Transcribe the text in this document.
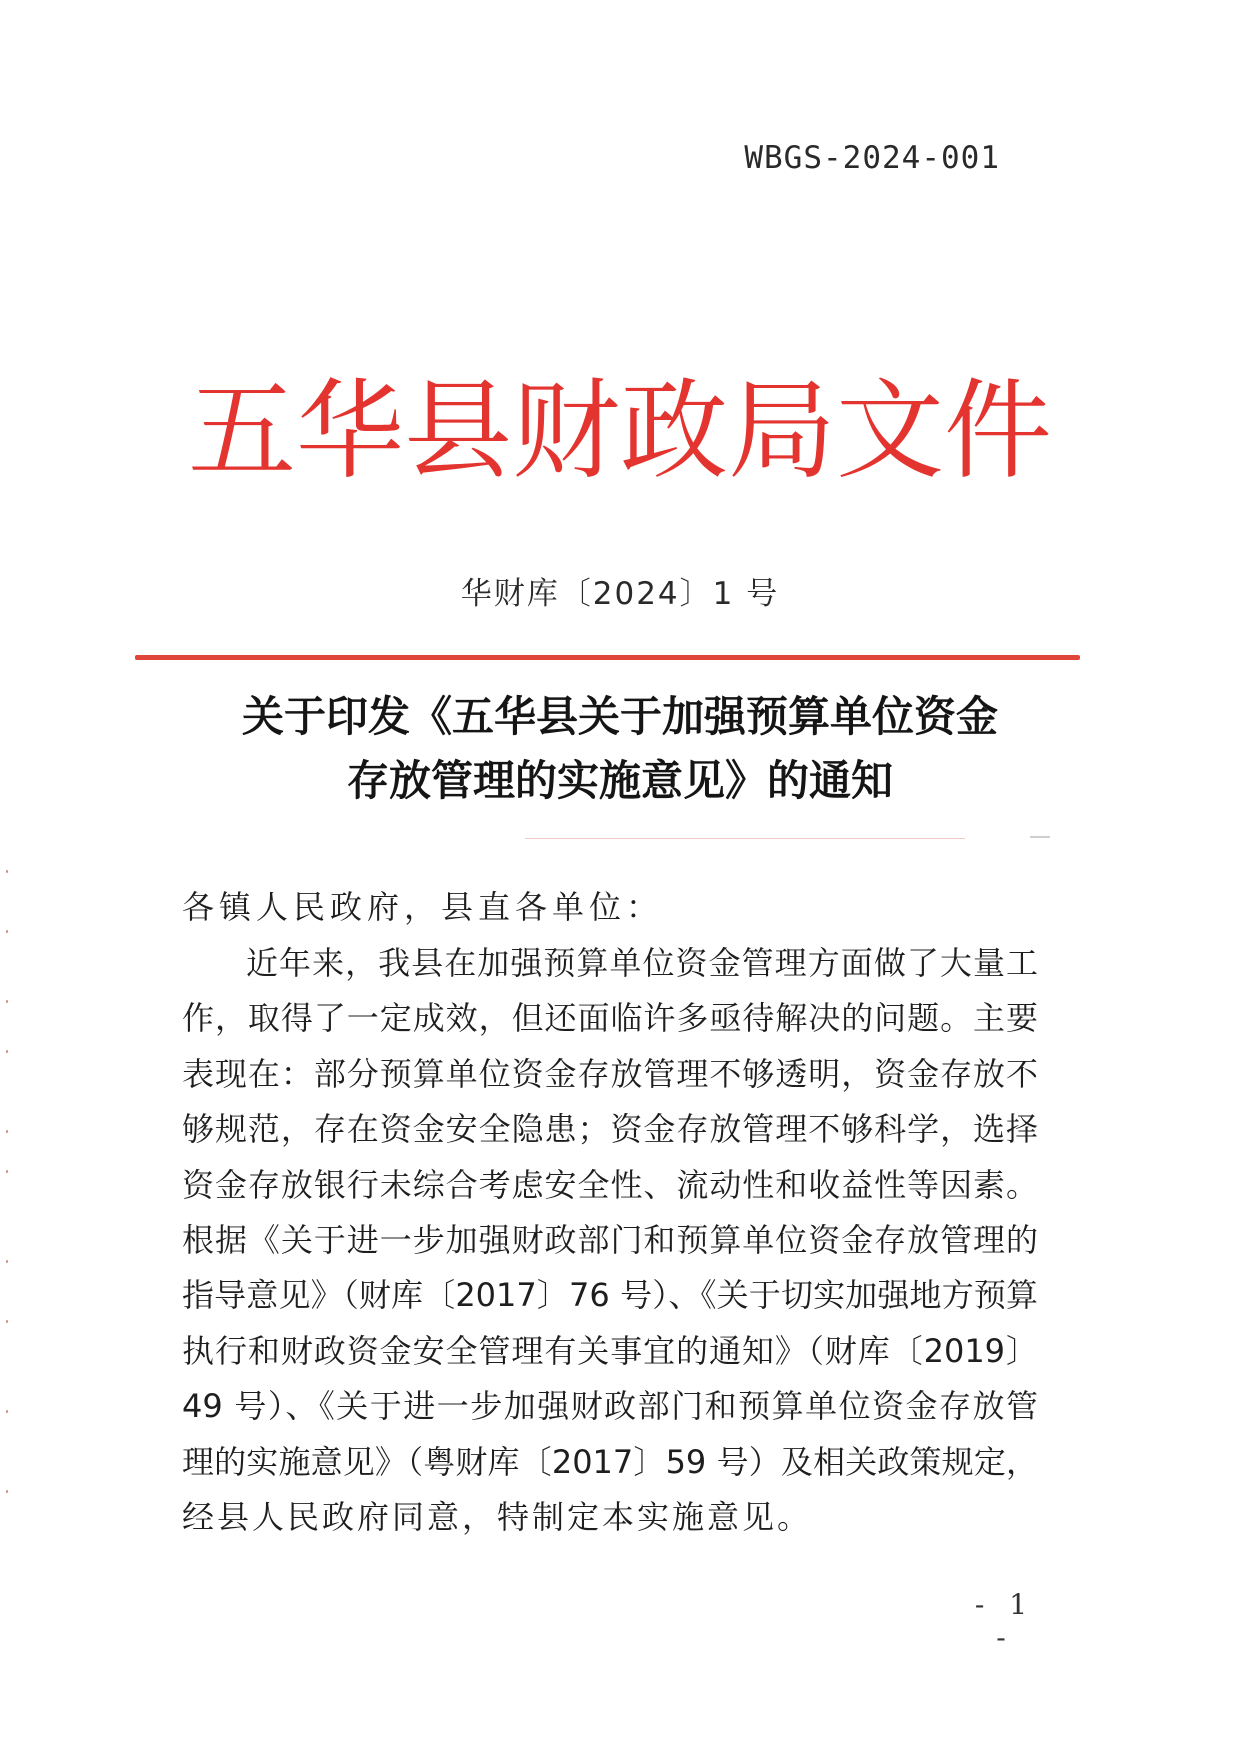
WBGS-2024-001
五华县财政局文件
华财库〔2024〕1 号
关于印发《五华县关于加强预算单位资金
存放管理的实施意见》的通知
各镇人民政府，县直各单位：
近年来，我县在加强预算单位资金管理方面做了大量工
作，取得了一定成效，但还面临许多亟待解决的问题。主要
表现在：部分预算单位资金存放管理不够透明，资金存放不
够规范，存在资金安全隐患；资金存放管理不够科学，选择
资金存放银行未综合考虑安全性、流动性和收益性等因素。
根据《关于进一步加强财政部门和预算单位资金存放管理的
指导意见》（财库〔2017〕76 号）、《关于切实加强地方预算
执行和财政资金安全管理有关事宜的通知》（财库〔2019〕
49 号）、《关于进一步加强财政部门和预算单位资金存放管
理的实施意见》（粤财库〔2017〕59 号）及相关政策规定，
经县人民政府同意，特制定本实施意见。
- 1 -
